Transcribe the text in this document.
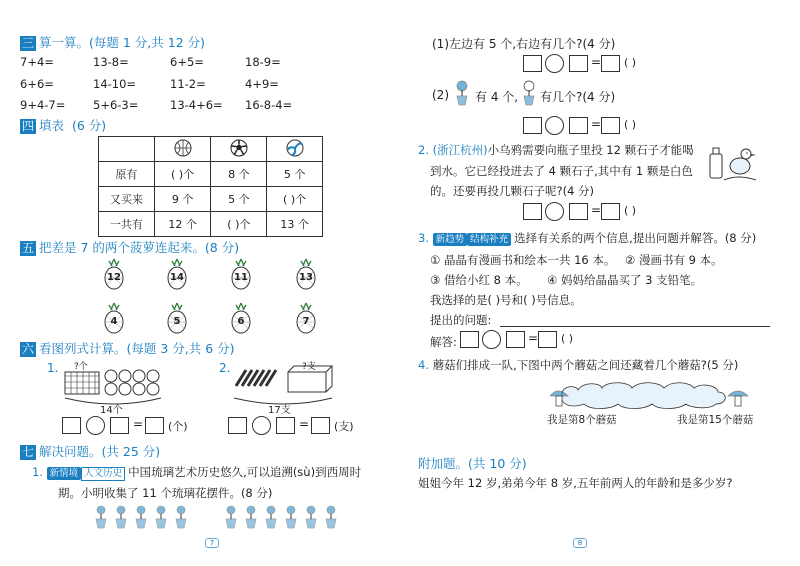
三 算一算。(每题 1 分,共 12 分)
7+4=	13-8=	6+5=	18-9=
6+6=	14-10=	11-2=	4+9=
9+4-7= 5+6-3=	13-4+6= 16-8-4=
四 填表 (6 分)

原有	( )个	8 个	5 个
又买来	9 个	5 个	( )个
一共有	12 个	( )个	13 个
五 把差是 7 的两个菠萝连起来。(8 分)
12	14	11	13
4	5	6	7
六 看图列式计算。(每题 3 分,共 6 分)
1. ?个
14个
2.	?支
17支
= (个)	= (支)
七 解决问题。(共 25 分)
1. 新情境 人文历史 中国琉璃艺术历史悠久,可以追溯(sù)到西周时
期。小明收集了 11 个琉璃花摆件。(8 分)
7
(1)左边有 5 个,右边有几个?(4 分)
= ( )
(2) 有 4 个, 有几个?(4 分)
= ( )
2. (浙江杭州)小乌鸦需要向瓶子里投 12 颗石子才能喝
到水。它已经投进去了 4 颗石子,其中有 1 颗是白色
的。还要再投几颗石子呢?(4 分)
= ( )
3. 新趋势 结构补充 选择有关系的两个信息,提出问题并解答。(8 分)
① 晶晶有漫画书和绘本一共 16 本。 ② 漫画书有 9 本。
③ 借给小红 8 本。 ④ 妈妈给晶晶买了 3 支铅笔。
我选择的是( )号和( )号信息。
提出的问题:
解答:	= ( )
4. 蘑菇们排成一队,下图中两个蘑菇之间还藏着几个蘑菇?(5 分)
我是第8个蘑菇	我是第15个蘑菇
附加题。(共 10 分)
姐姐今年 12 岁,弟弟今年 8 岁,五年前两人的年龄和是多少岁?
8
